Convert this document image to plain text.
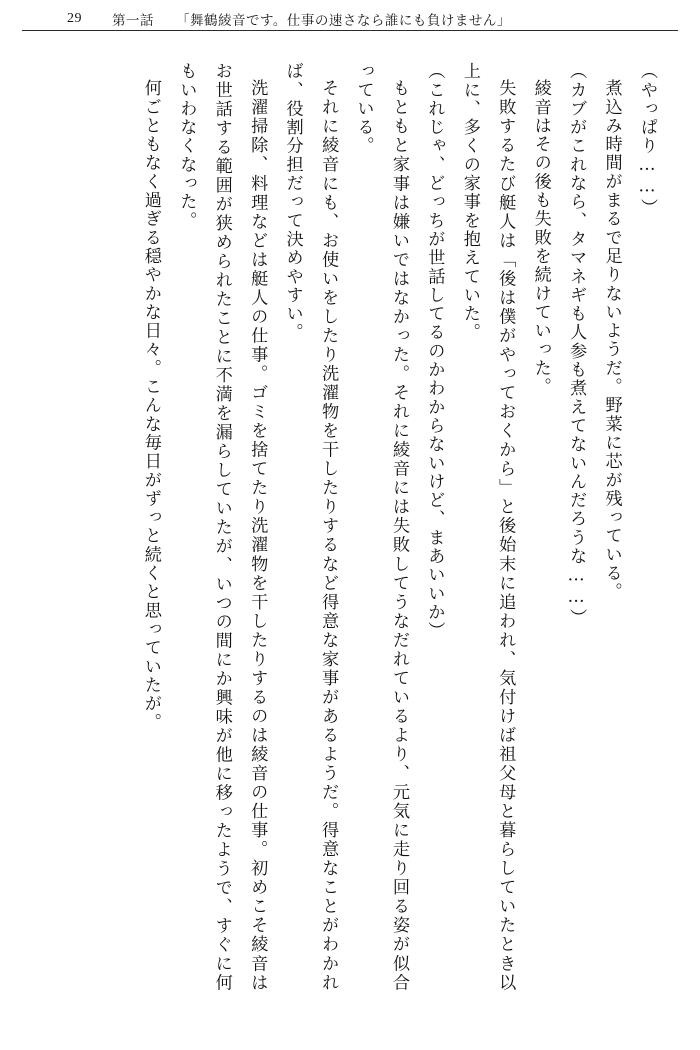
29 第一話 「舞鶴綾音です。仕事の速さなら誰にも負けません」

（やっぱり……）

煮込み時間がまるで足りないようだ。野菜に芯が残っている。

（カブがこれなら、タマネギも人参も煮えてないんだろうな……）

綾音はその後も失敗を続けていった。

失敗するたび艇人は「後は僕がやっておくから」と後始末に追われ、気付けば祖父母と暮らしていたとき以上に、多くの家事を抱えていた。

（これじゃ、どっちが世話してるのかわからないけど、まあいいか）

もともと家事は嫌いではなかった。それに綾音には失敗してうなだれているより、元気に走り回る姿が似合っている。

それに綾音にも、お使いをしたり洗濯物を干したりするなど得意な家事があるようだ。得意なことがわかれば、役割分担だって決めやすい。

洗濯掃除、料理などは艇人の仕事。ゴミを捨てたり洗濯物を干したりするのは綾音の仕事。初めこそ綾音はお世話する範囲が狭められたことに不満を漏らしていたが、いつの間にか興味が他に移ったようで、すぐに何もいわなくなった。

何ごともなく過ぎる穏やかな日々。こんな毎日がずっと続くと思っていたが。
